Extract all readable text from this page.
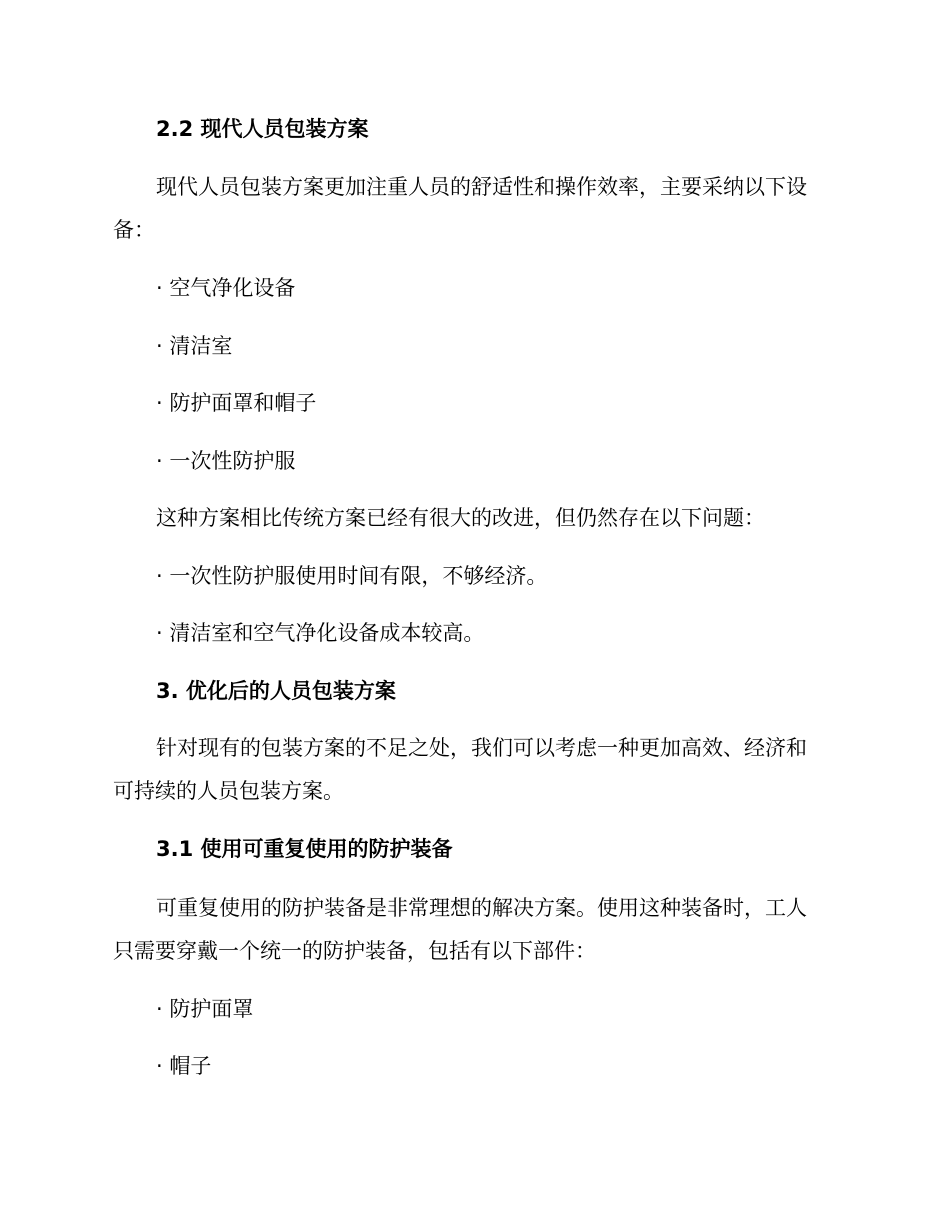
2.2 现代人员包装方案
现代人员包装方案更加注重人员的舒适性和操作效率，主要采纳以下设
备：
· 空气净化设备
· 清洁室
· 防护面罩和帽子
· 一次性防护服
这种方案相比传统方案已经有很大的改进，但仍然存在以下问题：
· 一次性防护服使用时间有限，不够经济。
· 清洁室和空气净化设备成本较高。
3. 优化后的人员包装方案
针对现有的包装方案的不足之处，我们可以考虑一种更加高效、经济和
可持续的人员包装方案。
3.1 使用可重复使用的防护装备
可重复使用的防护装备是非常理想的解决方案。使用这种装备时，工人
只需要穿戴一个统一的防护装备，包括有以下部件：
· 防护面罩
· 帽子
